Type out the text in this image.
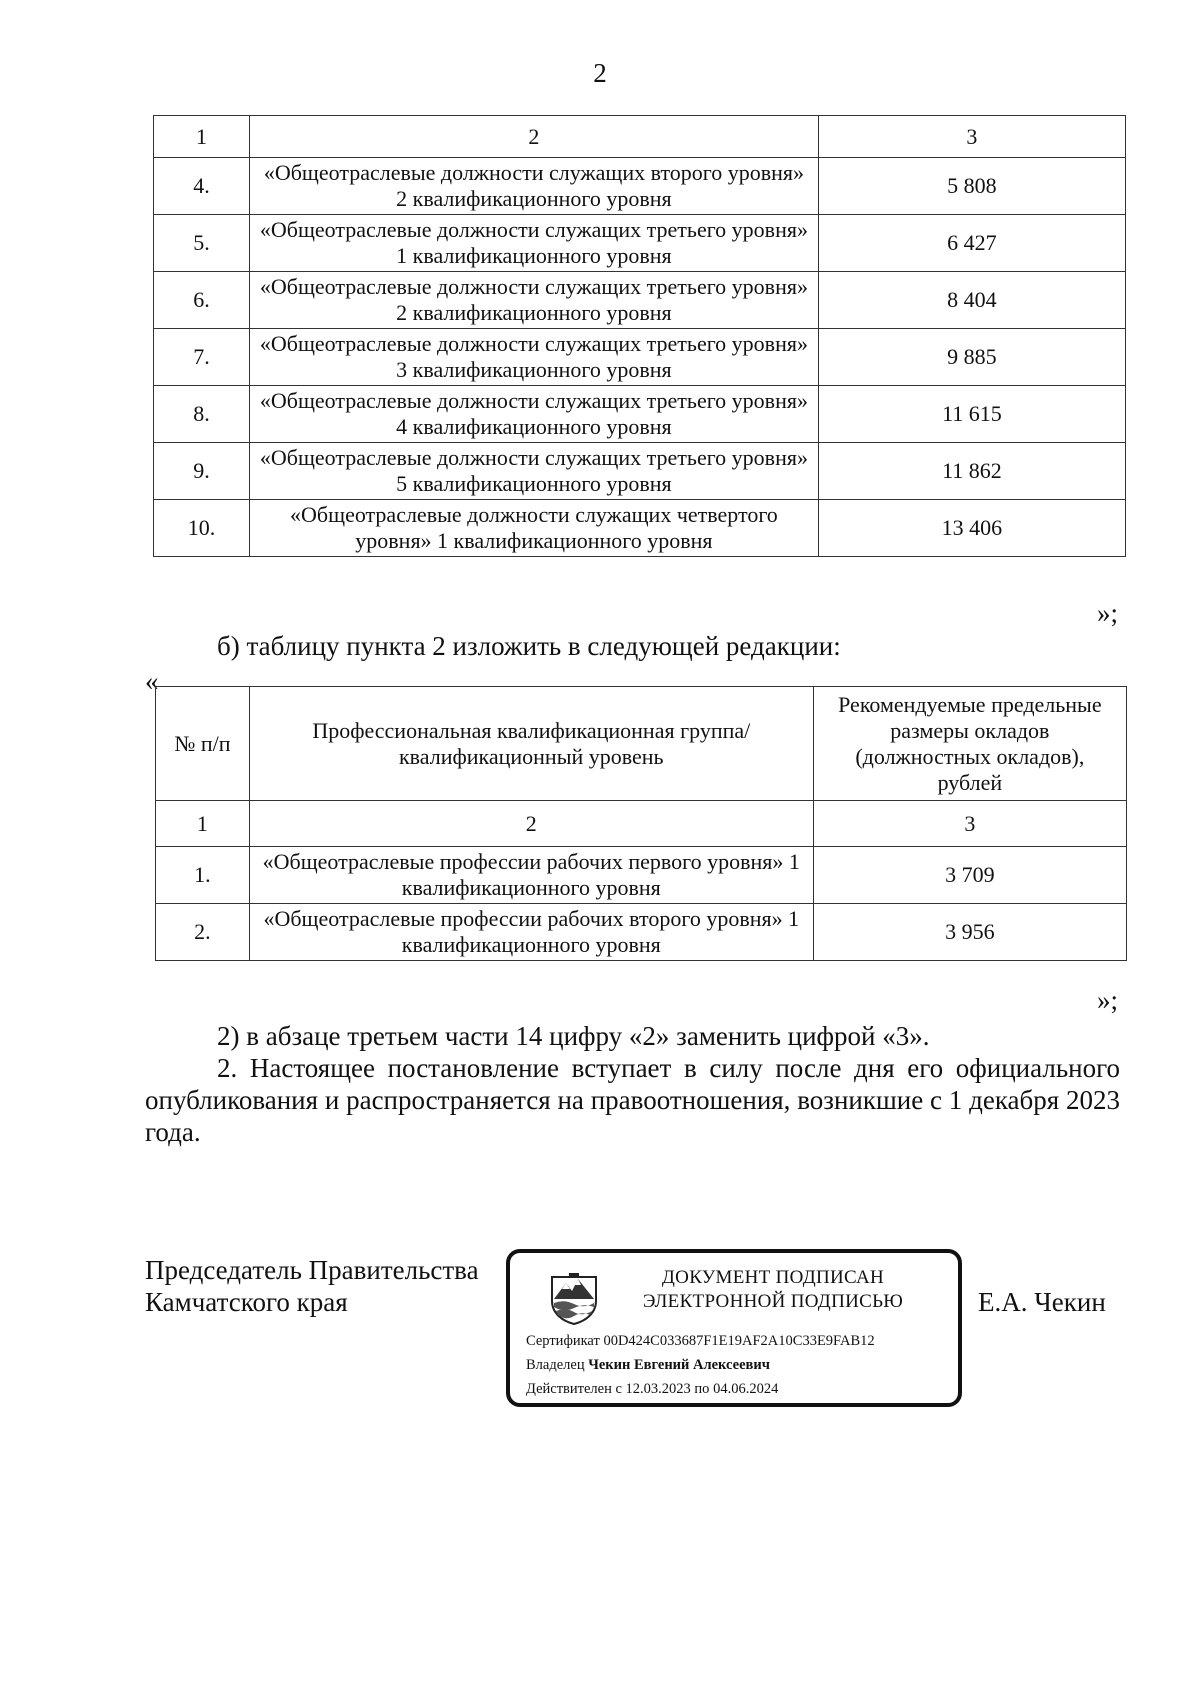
2
1	2	3
4.	«Общеотраслевые должности служащих второго уровня» 2 квалификационного уровня	5 808
5.	«Общеотраслевые должности служащих третьего уровня» 1 квалификационного уровня	6 427
6.	«Общеотраслевые должности служащих третьего уровня» 2 квалификационного уровня	8 404
7.	«Общеотраслевые должности служащих третьего уровня» 3 квалификационного уровня	9 885
8.	«Общеотраслевые должности служащих третьего уровня» 4 квалификационного уровня	11 615
9.	«Общеотраслевые должности служащих третьего уровня» 5 квалификационного уровня	11 862
10.	«Общеотраслевые должности служащих четвертого уровня» 1 квалификационного уровня	13 406
»;
б) таблицу пункта 2 изложить в следующей редакции:
«
№ п/п	Профессиональная квалификационная группа/ квалификационный уровень	Рекомендуемые предельные размеры окладов (должностных окладов), рублей
1	2	3
1.	«Общеотраслевые профессии рабочих первого уровня» 1 квалификационного уровня	3 709
2.	«Общеотраслевые профессии рабочих второго уровня» 1 квалификационного уровня	3 956
»;
2) в абзаце третьем части 14 цифру «2» заменить цифрой «3».
2. Настоящее постановление вступает в силу после дня его официального опубликования и распространяется на правоотношения, возникшие с 1 декабря 2023 года.
Председатель Правительства
Камчатского края	Е.А. Чекин
ДОКУМЕНТ ПОДПИСАН
ЭЛЕКТРОННОЙ ПОДПИСЬЮ
Сертификат 00D424C033687F1E19AF2A10C33E9FAB12
Владелец Чекин Евгений Алексеевич
Действителен с 12.03.2023 по 04.06.2024
